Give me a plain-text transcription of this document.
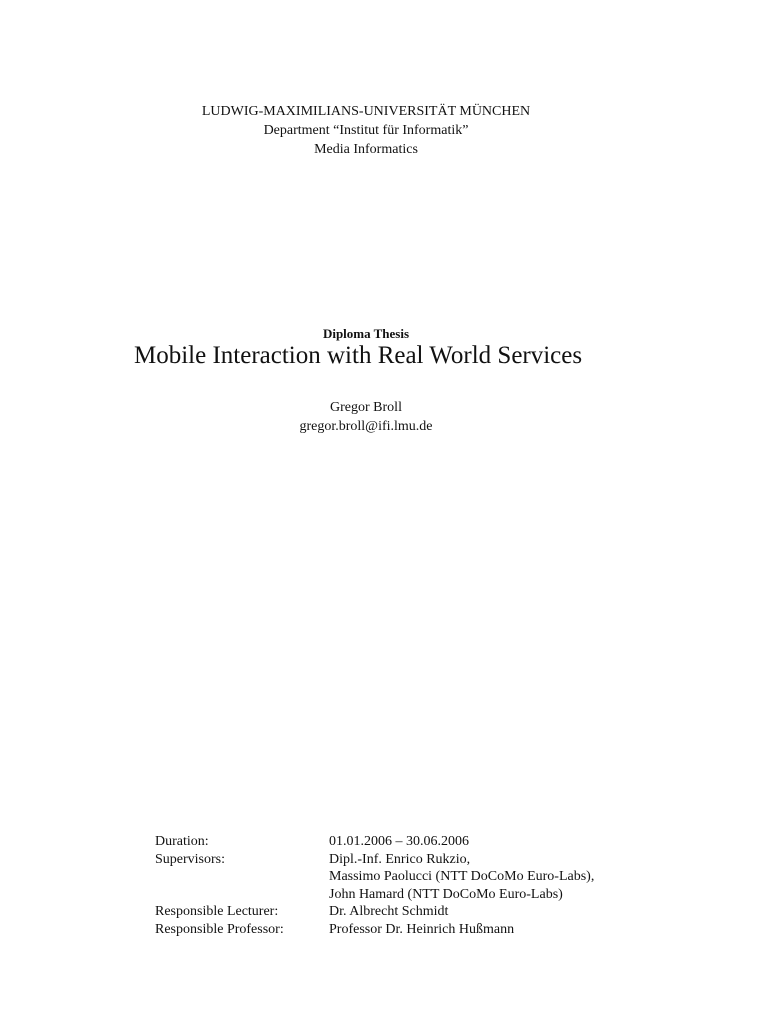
LUDWIG-MAXIMILIANS-UNIVERSITÄT MÜNCHEN
Department “Institut für Informatik”
Media Informatics
Diploma Thesis
Mobile Interaction with Real World Services
Gregor Broll
gregor.broll@ifi.lmu.de
Duration:	01.01.2006 – 30.06.2006
Supervisors:	Dipl.-Inf. Enrico Rukzio,
Massimo Paolucci (NTT DoCoMo Euro-Labs),
John Hamard (NTT DoCoMo Euro-Labs)
Responsible Lecturer:	Dr. Albrecht Schmidt
Responsible Professor:	Professor Dr. Heinrich Hußmann
